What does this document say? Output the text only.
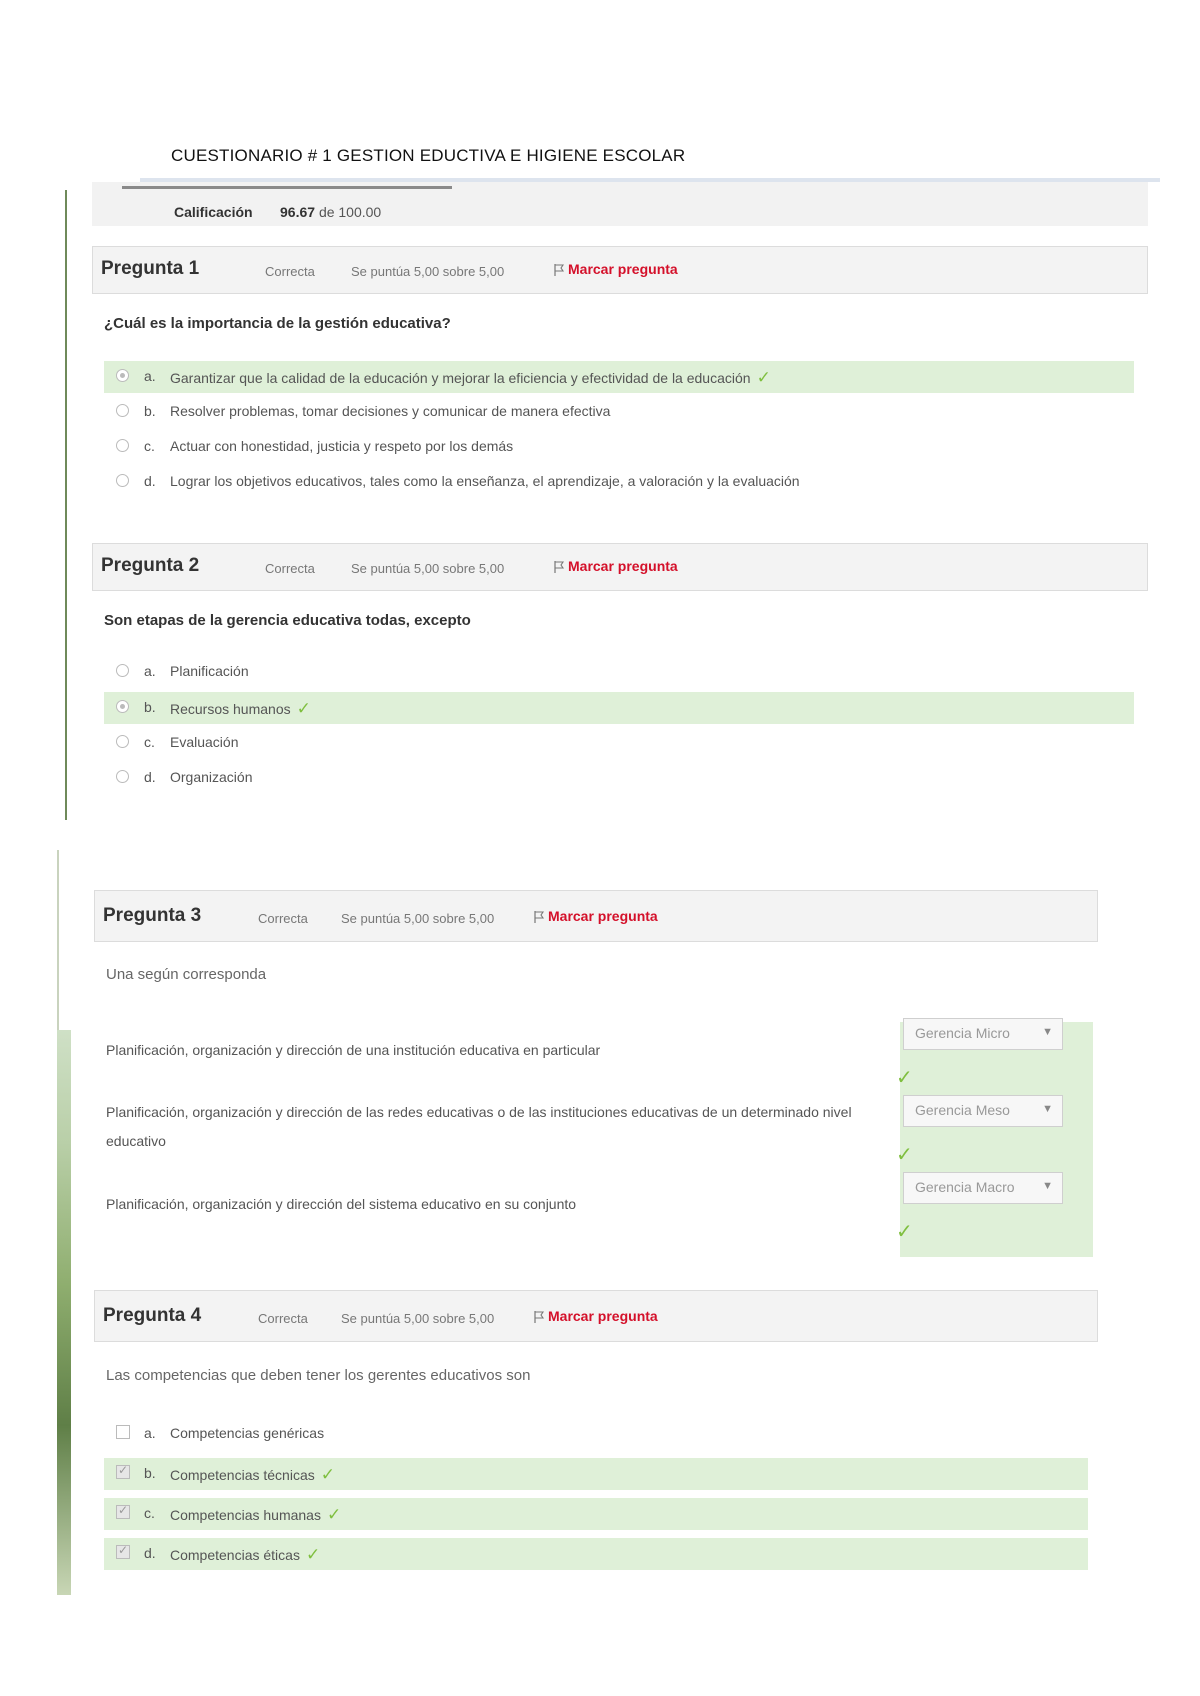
CUESTIONARIO # 1 GESTION EDUCTIVA E HIGIENE ESCOLAR
Calificación 96.67 de 100.00
Pregunta 1	Correcta	Se puntúa 5,00 sobre 5,00	Marcar pregunta
¿Cuál es la importancia de la gestión educativa?
a. Garantizar que la calidad de la educación y mejorar la eficiencia y efectividad de la educación ✓
b. Resolver problemas, tomar decisiones y comunicar de manera efectiva
c. Actuar con honestidad, justicia y respeto por los demás
d. Lograr los objetivos educativos, tales como la enseñanza, el aprendizaje, a valoración y la evaluación
Pregunta 2	Correcta	Se puntúa 5,00 sobre 5,00	Marcar pregunta
Son etapas de la gerencia educativa todas, excepto
a. Planificación
b. Recursos humanos ✓
c. Evaluación
d. Organización
Pregunta 3	Correcta	Se puntúa 5,00 sobre 5,00	Marcar pregunta
Una según corresponda
Planificación, organización y dirección de una institución educativa en particular
Gerencia Micro	▼
✓
Planificación, organización y dirección de las redes educativas o de las instituciones educativas de un determinado nivel educativo
Gerencia Meso	▼
✓
Planificación, organización y dirección del sistema educativo en su conjunto
Gerencia Macro	▼
✓
Pregunta 4	Correcta	Se puntúa 5,00 sobre 5,00	Marcar pregunta
Las competencias que deben tener los gerentes educativos son
a. Competencias genéricas
✓
b. Competencias técnicas ✓
✓
c. Competencias humanas ✓
✓
d. Competencias éticas ✓
